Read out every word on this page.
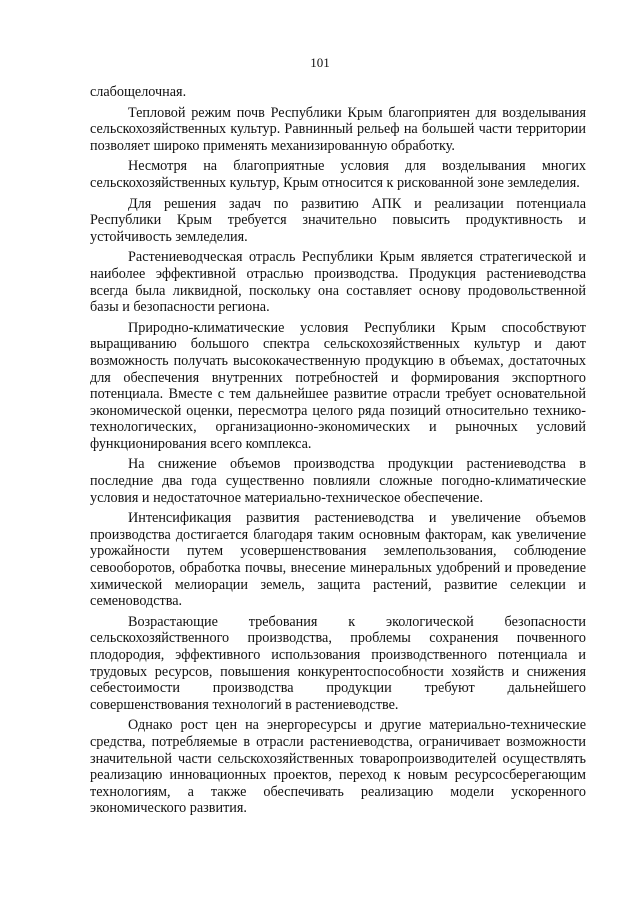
101

слабощелочная.

Тепловой режим почв Республики Крым благоприятен для возделывания сельскохозяйственных культур. Равнинный рельеф на большей части территории позволяет широко применять механизированную обработку.

Несмотря на благоприятные условия для возделывания многих сельскохозяйственных культур, Крым относится к рискованной зоне земледелия.

Для решения задач по развитию АПК и реализации потенциала Республики Крым требуется значительно повысить продуктивность и устойчивость земледелия.

Растениеводческая отрасль Республики Крым является стратегической и наиболее эффективной отраслью производства. Продукция растениеводства всегда была ликвидной, поскольку она составляет основу продовольственной базы и безопасности региона.

Природно-климатические условия Республики Крым способствуют выращиванию большого спектра сельскохозяйственных культур и дают возможность получать высококачественную продукцию в объемах, достаточных для обеспечения внутренних потребностей и формирования экспортного потенциала. Вместе с тем дальнейшее развитие отрасли требует основательной экономической оценки, пересмотра целого ряда позиций относительно технико-технологических, организационно-экономических и рыночных условий функционирования всего комплекса.

На снижение объемов производства продукции растениеводства в последние два года существенно повлияли сложные погодно-климатические условия и недостаточное материально-техническое обеспечение.

Интенсификация развития растениеводства и увеличение объемов производства достигается благодаря таким основным факторам, как увеличение урожайности путем усовершенствования землепользования, соблюдение севооборотов, обработка почвы, внесение минеральных удобрений и проведение химической мелиорации земель, защита растений, развитие селекции и семеноводства.

Возрастающие требования к экологической безопасности сельскохозяйственного производства, проблемы сохранения почвенного плодородия, эффективного использования производственного потенциала и трудовых ресурсов, повышения конкурентоспособности хозяйств и снижения себестоимости производства продукции требуют дальнейшего совершенствования технологий в растениеводстве.

Однако рост цен на энергоресурсы и другие материально-технические средства, потребляемые в отрасли растениеводства, ограничивает возможности значительной части сельскохозяйственных товаропроизводителей осуществлять реализацию инновационных проектов, переход к новым ресурсосберегающим технологиям, а также обеспечивать реализацию модели ускоренного экономического развития.
